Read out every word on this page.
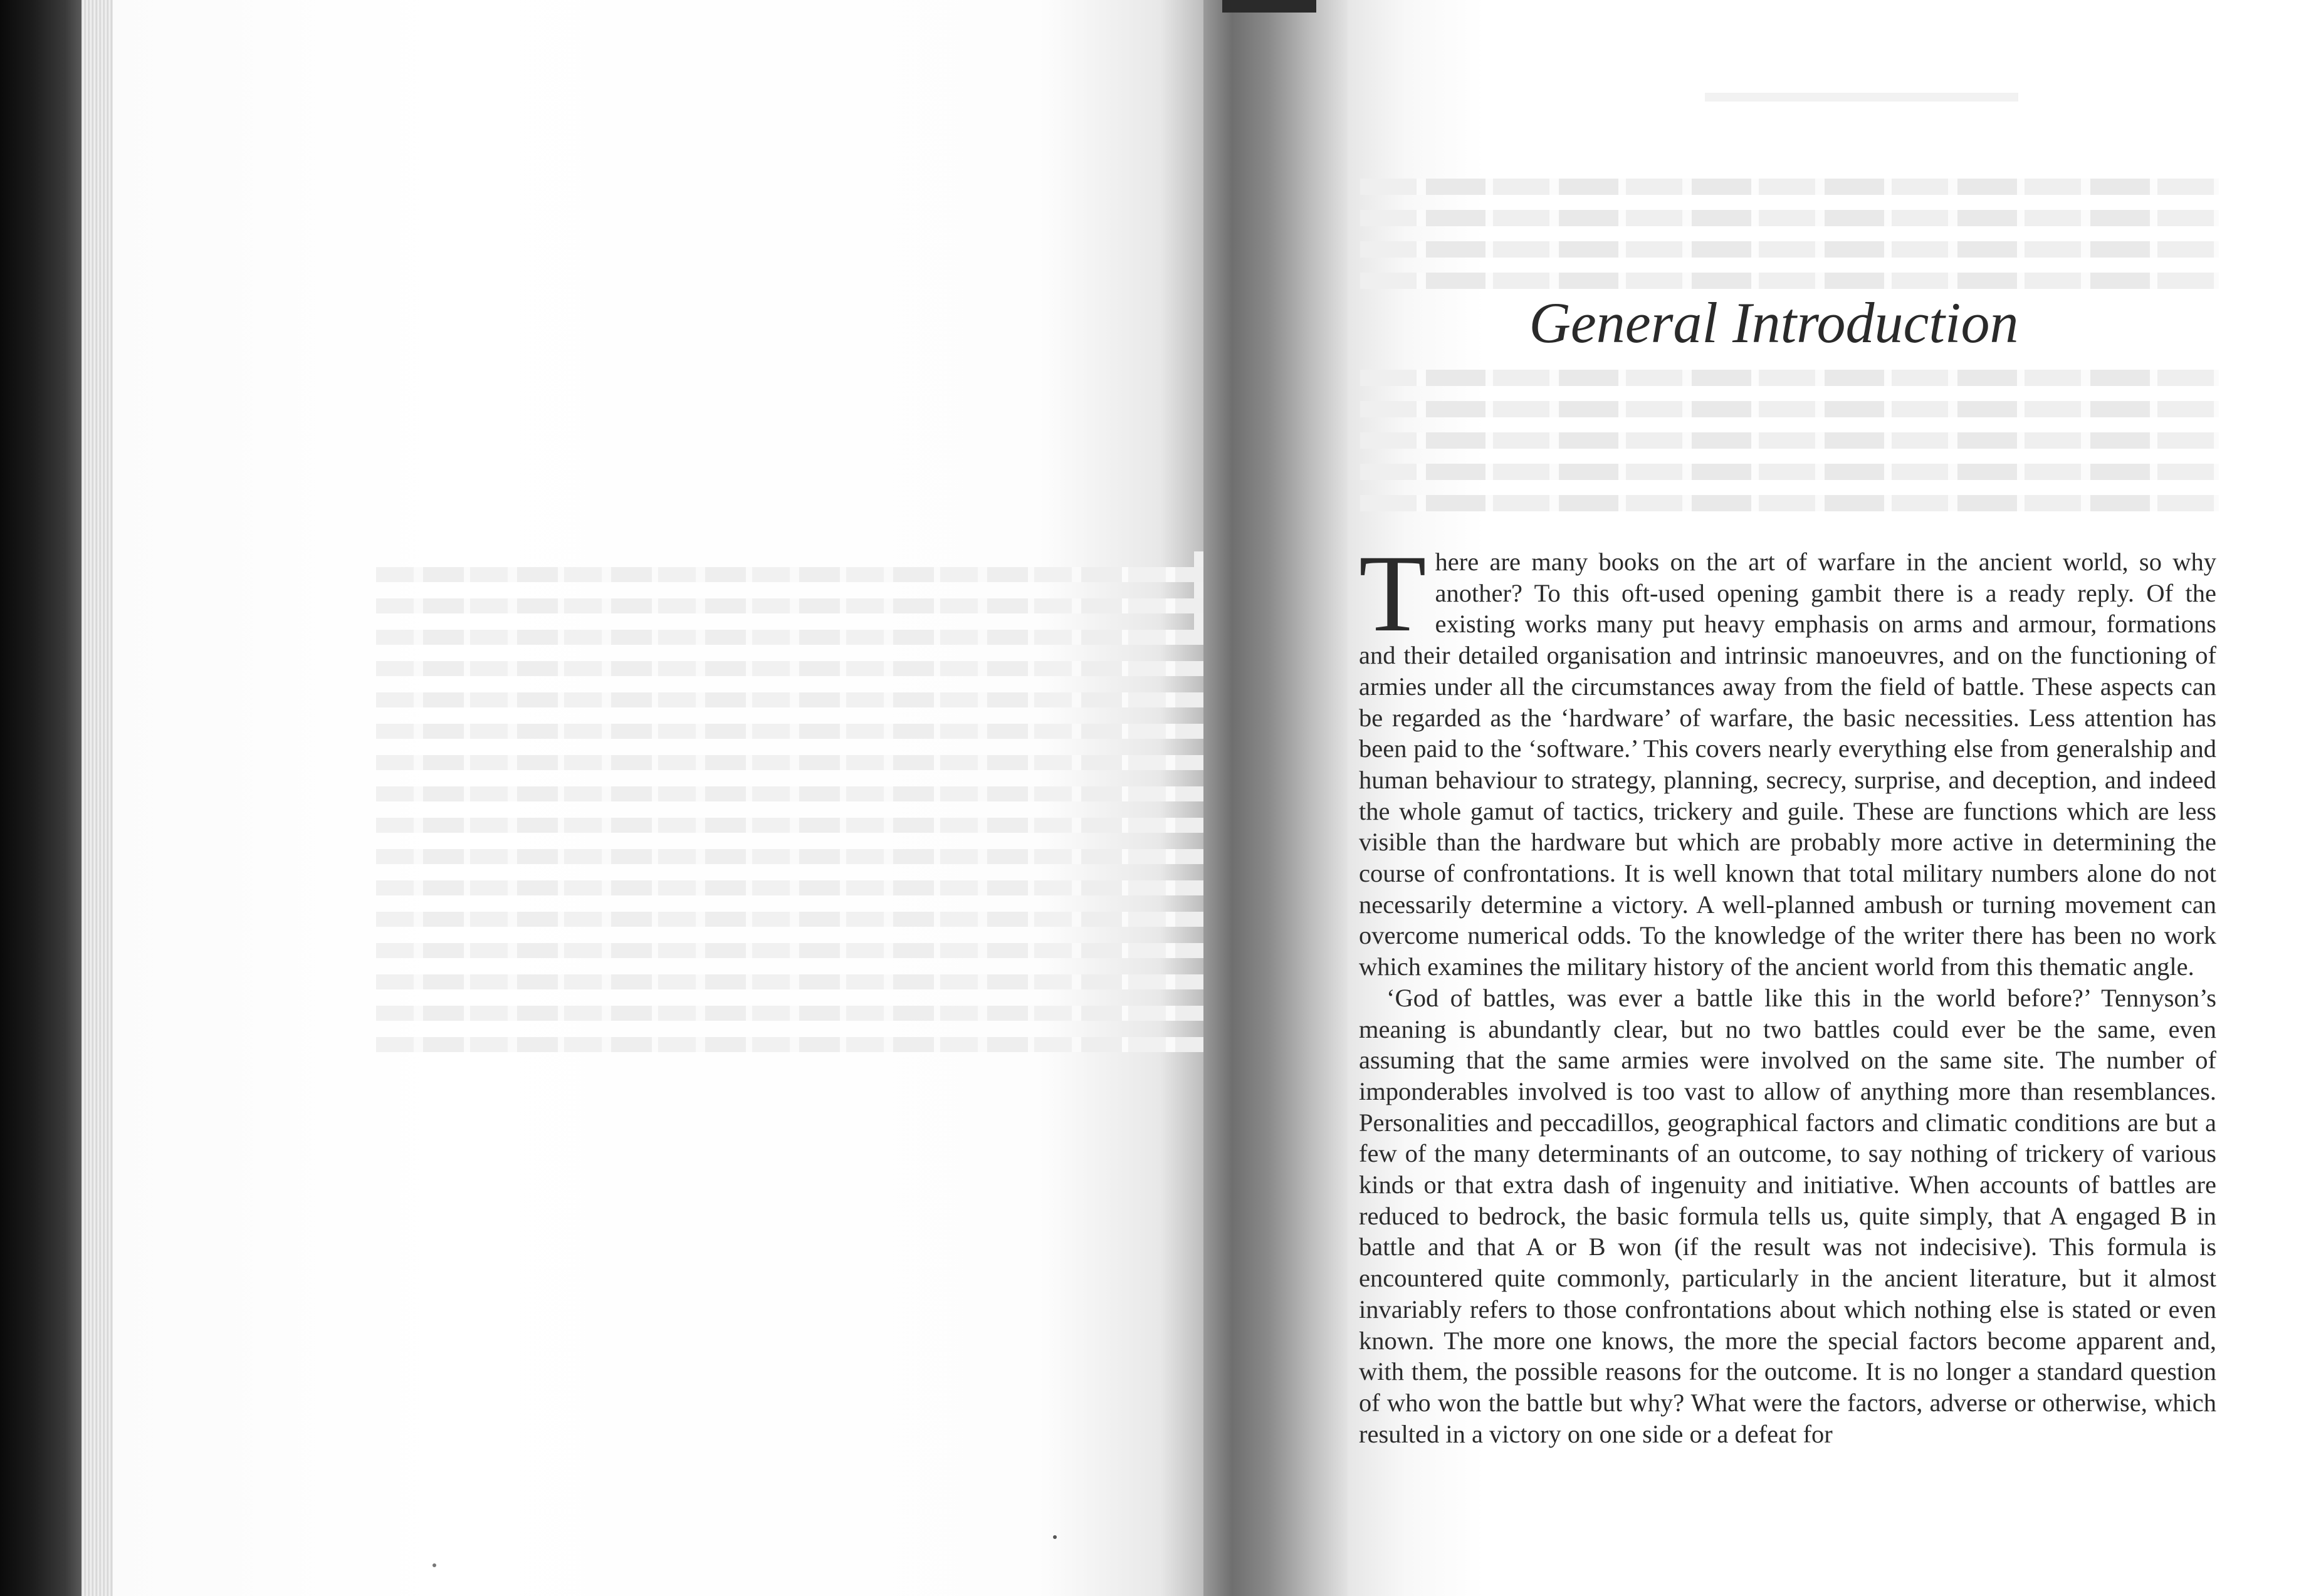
General Introduction

There are many books on the art of warfare in the ancient world, so why another? To this oft-used opening gambit there is a ready reply. Of the existing works many put heavy emphasis on arms and armour, formations and their detailed organisation and intrinsic manoeuvres, and on the functioning of armies under all the circumstances away from the field of battle. These aspects can be regarded as the ‘hardware’ of warfare, the basic necessities. Less attention has been paid to the ‘software.’ This covers nearly everything else from generalship and human behaviour to strategy, planning, secrecy, surprise, and deception, and indeed the whole gamut of tactics, trickery and guile. These are functions which are less visible than the hardware but which are probably more active in determining the course of confrontations. It is well known that total military numbers alone do not necessarily determine a victory. A well-planned ambush or turning movement can overcome numerical odds. To the knowledge of the writer there has been no work which examines the military history of the ancient world from this thematic angle.

‘God of battles, was ever a battle like this in the world before?’ Tennyson’s meaning is abundantly clear, but no two battles could ever be the same, even assuming that the same armies were involved on the same site. The number of imponderables involved is too vast to allow of anything more than resemblances. Personalities and peccadillos, geographical factors and climatic conditions are but a few of the many determinants of an outcome, to say nothing of trickery of various kinds or that extra dash of ingenuity and initiative. When accounts of battles are reduced to bedrock, the basic formula tells us, quite simply, that A engaged B in battle and that A or B won (if the result was not indecisive). This formula is encountered quite commonly, particularly in the ancient literature, but it almost invariably refers to those confrontations about which nothing else is stated or even known. The more one knows, the more the special factors become apparent and, with them, the possible reasons for the outcome. It is no longer a standard question of who won the battle but why? What were the factors, adverse or otherwise, which resulted in a victory on one side or a defeat for
